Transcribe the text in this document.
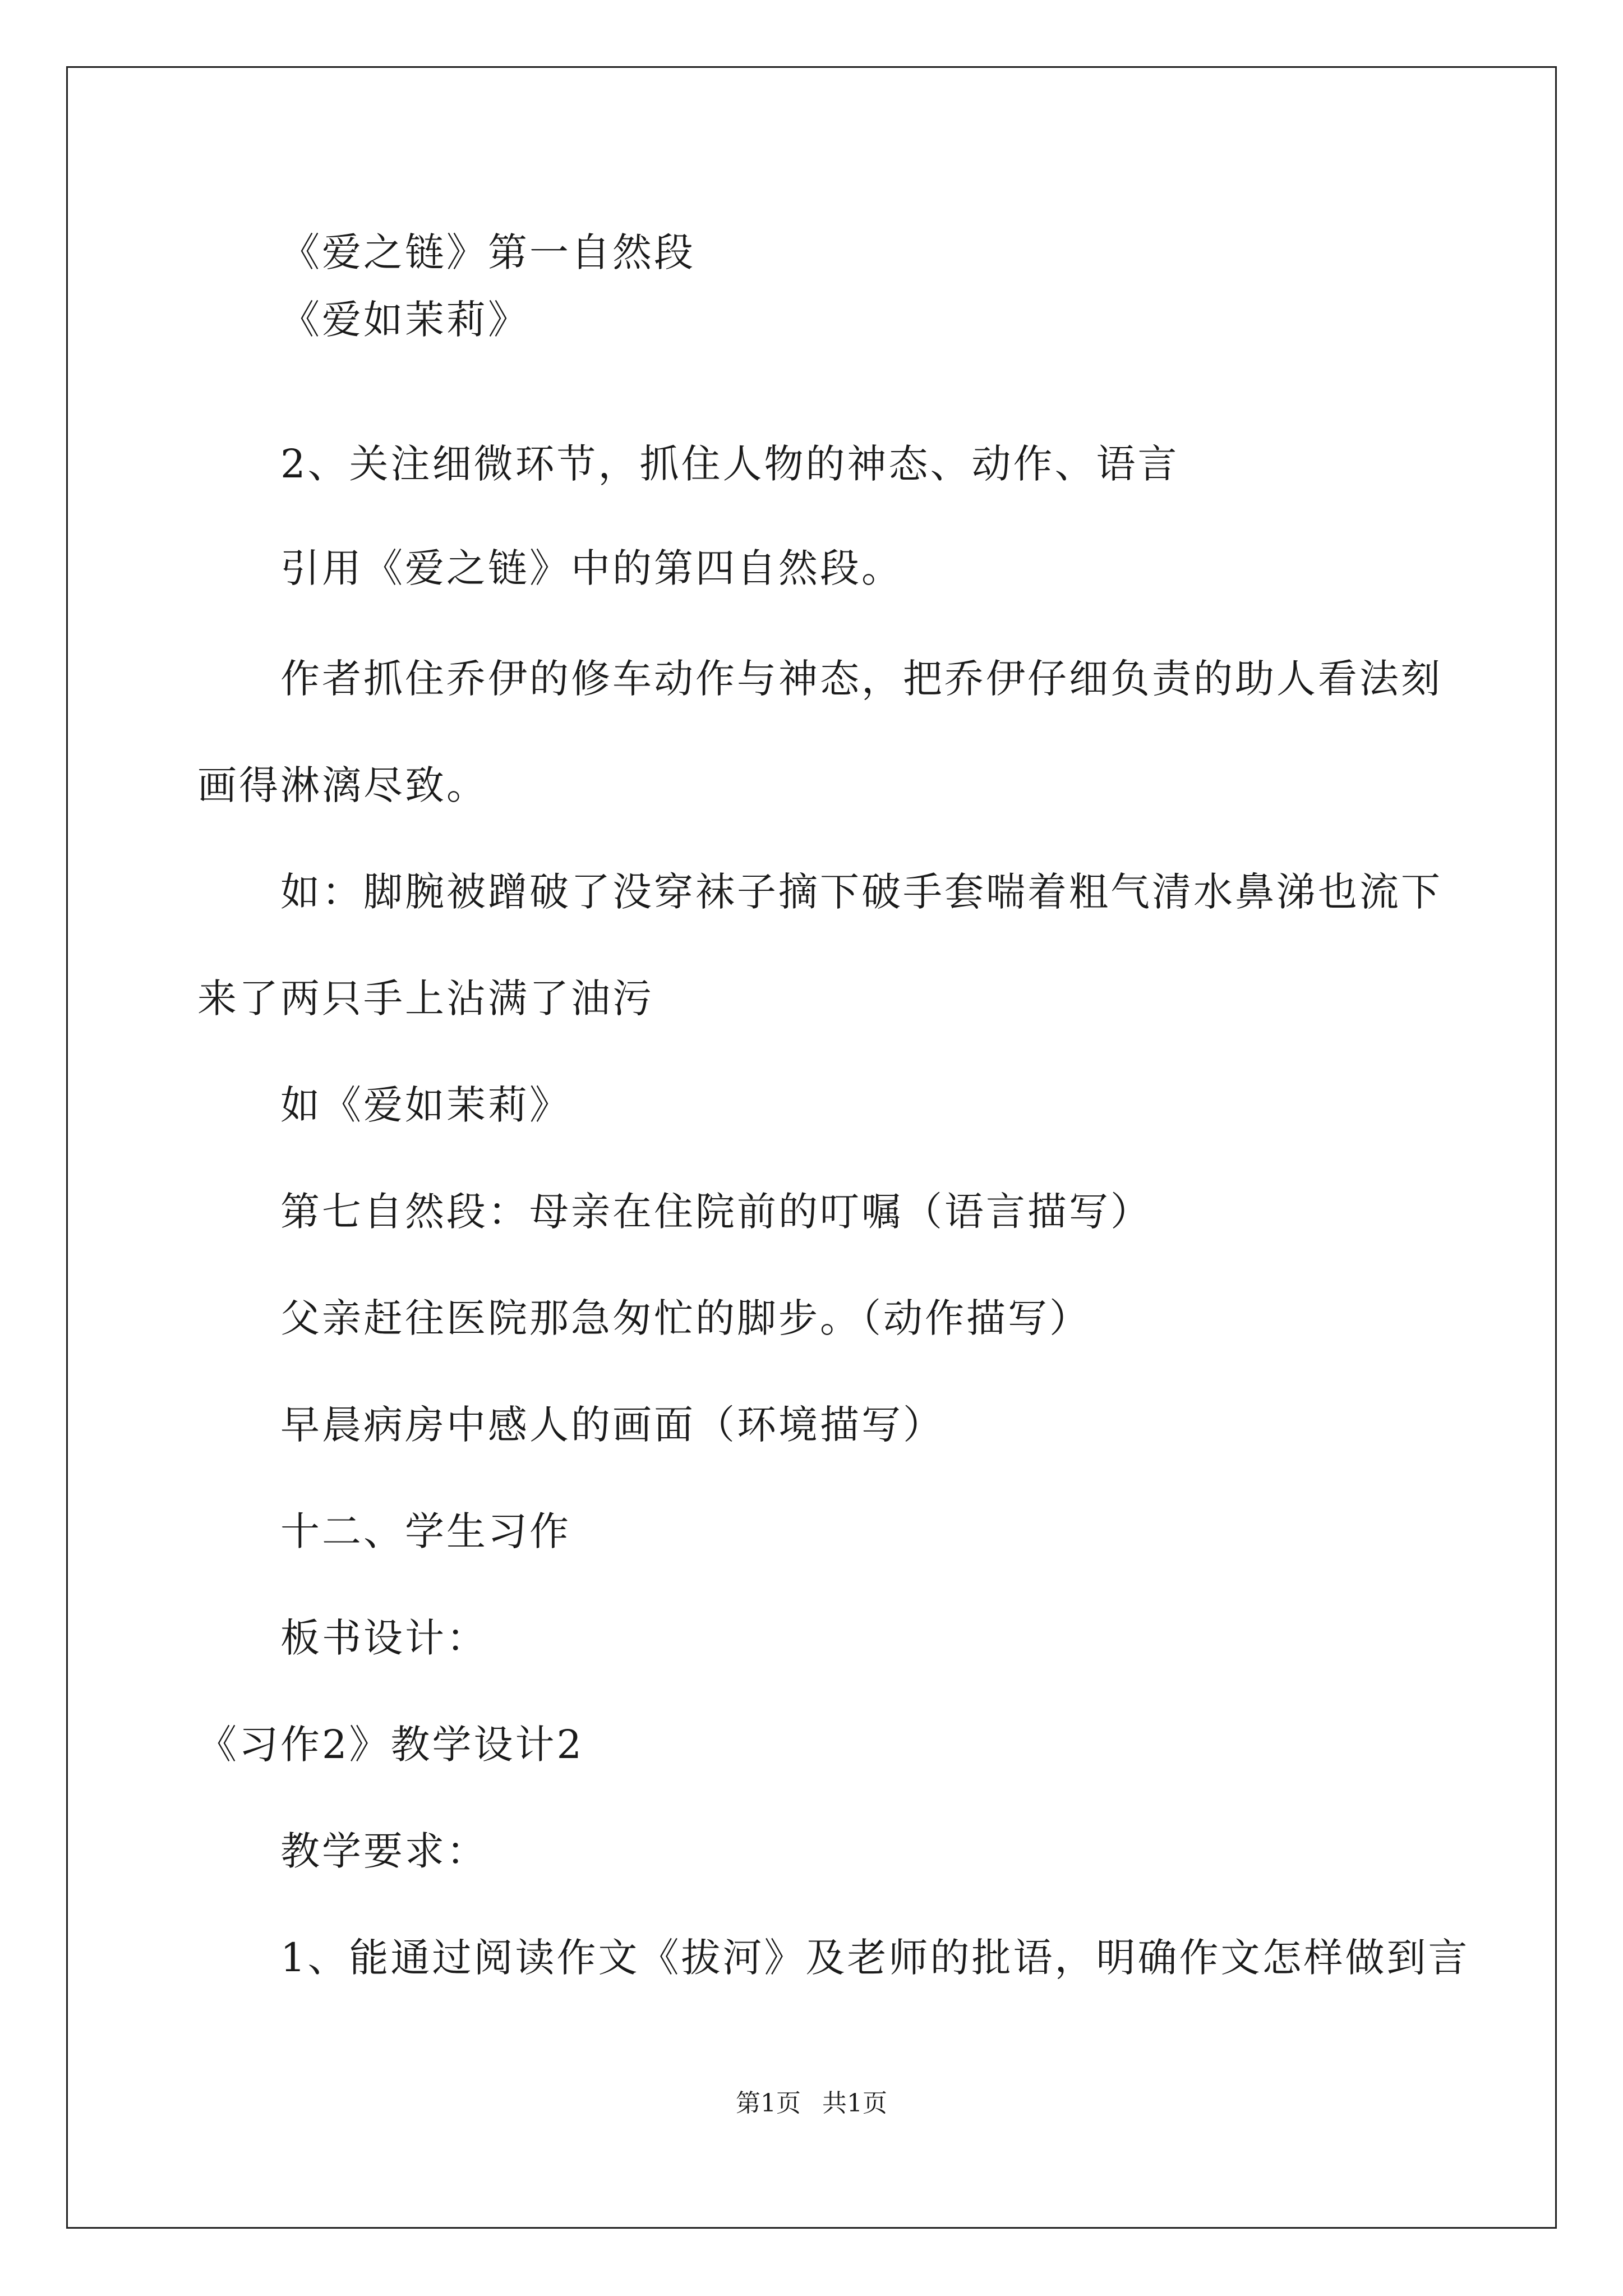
《爱之链》第一自然段
《爱如茉莉》
2、关注细微环节，抓住人物的神态、动作、语言
引用《爱之链》中的第四自然段。
作者抓住乔伊的修车动作与神态，把乔伊仔细负责的助人看法刻
画得淋漓尽致。
如：脚腕被蹭破了没穿袜子摘下破手套喘着粗气清水鼻涕也流下
来了两只手上沾满了油污
如《爱如茉莉》
第七自然段：母亲在住院前的叮嘱（语言描写）
父亲赶往医院那急匆忙的脚步。（动作描写）
早晨病房中感人的画面（环境描写）
十二、学生习作
板书设计：
《习作2》教学设计2
教学要求：
1、能通过阅读作文《拔河》及老师的批语，明确作文怎样做到言
第1页 共1页
